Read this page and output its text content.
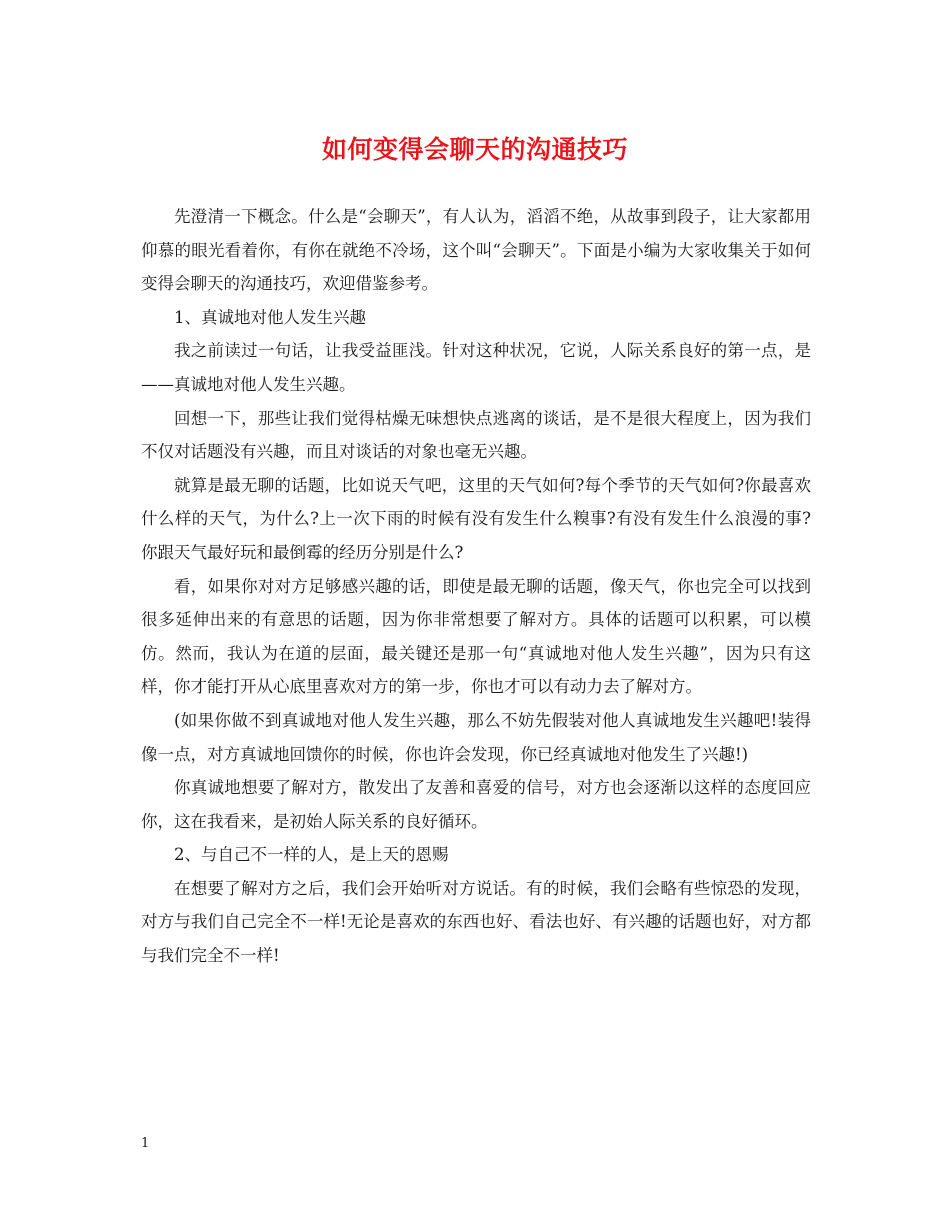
如何变得会聊天的沟通技巧

先澄清一下概念。什么是“会聊天”，有人认为，滔滔不绝，从故事到段子，让大家都用仰慕的眼光看着你，有你在就绝不冷场，这个叫“会聊天”。下面是小编为大家收集关于如何变得会聊天的沟通技巧，欢迎借鉴参考。

1、真诚地对他人发生兴趣

我之前读过一句话，让我受益匪浅。针对这种状况，它说，人际关系良好的第一点，是——真诚地对他人发生兴趣。

回想一下，那些让我们觉得枯燥无味想快点逃离的谈话，是不是很大程度上，因为我们不仅对话题没有兴趣，而且对谈话的对象也毫无兴趣。

就算是最无聊的话题，比如说天气吧，这里的天气如何?每个季节的天气如何?你最喜欢什么样的天气，为什么?上一次下雨的时候有没有发生什么糗事?有没有发生什么浪漫的事?你跟天气最好玩和最倒霉的经历分别是什么?

看，如果你对对方足够感兴趣的话，即使是最无聊的话题，像天气，你也完全可以找到很多延伸出来的有意思的话题，因为你非常想要了解对方。具体的话题可以积累，可以模仿。然而，我认为在道的层面，最关键还是那一句“真诚地对他人发生兴趣”，因为只有这样，你才能打开从心底里喜欢对方的第一步，你也才可以有动力去了解对方。

(如果你做不到真诚地对他人发生兴趣，那么不妨先假装对他人真诚地发生兴趣吧!装得像一点，对方真诚地回馈你的时候，你也许会发现，你已经真诚地对他发生了兴趣!)

你真诚地想要了解对方，散发出了友善和喜爱的信号，对方也会逐渐以这样的态度回应你，这在我看来，是初始人际关系的良好循环。

2、与自己不一样的人，是上天的恩赐

在想要了解对方之后，我们会开始听对方说话。有的时候，我们会略有些惊恐的发现，对方与我们自己完全不一样!无论是喜欢的东西也好、看法也好、有兴趣的话题也好，对方都与我们完全不一样!

1
